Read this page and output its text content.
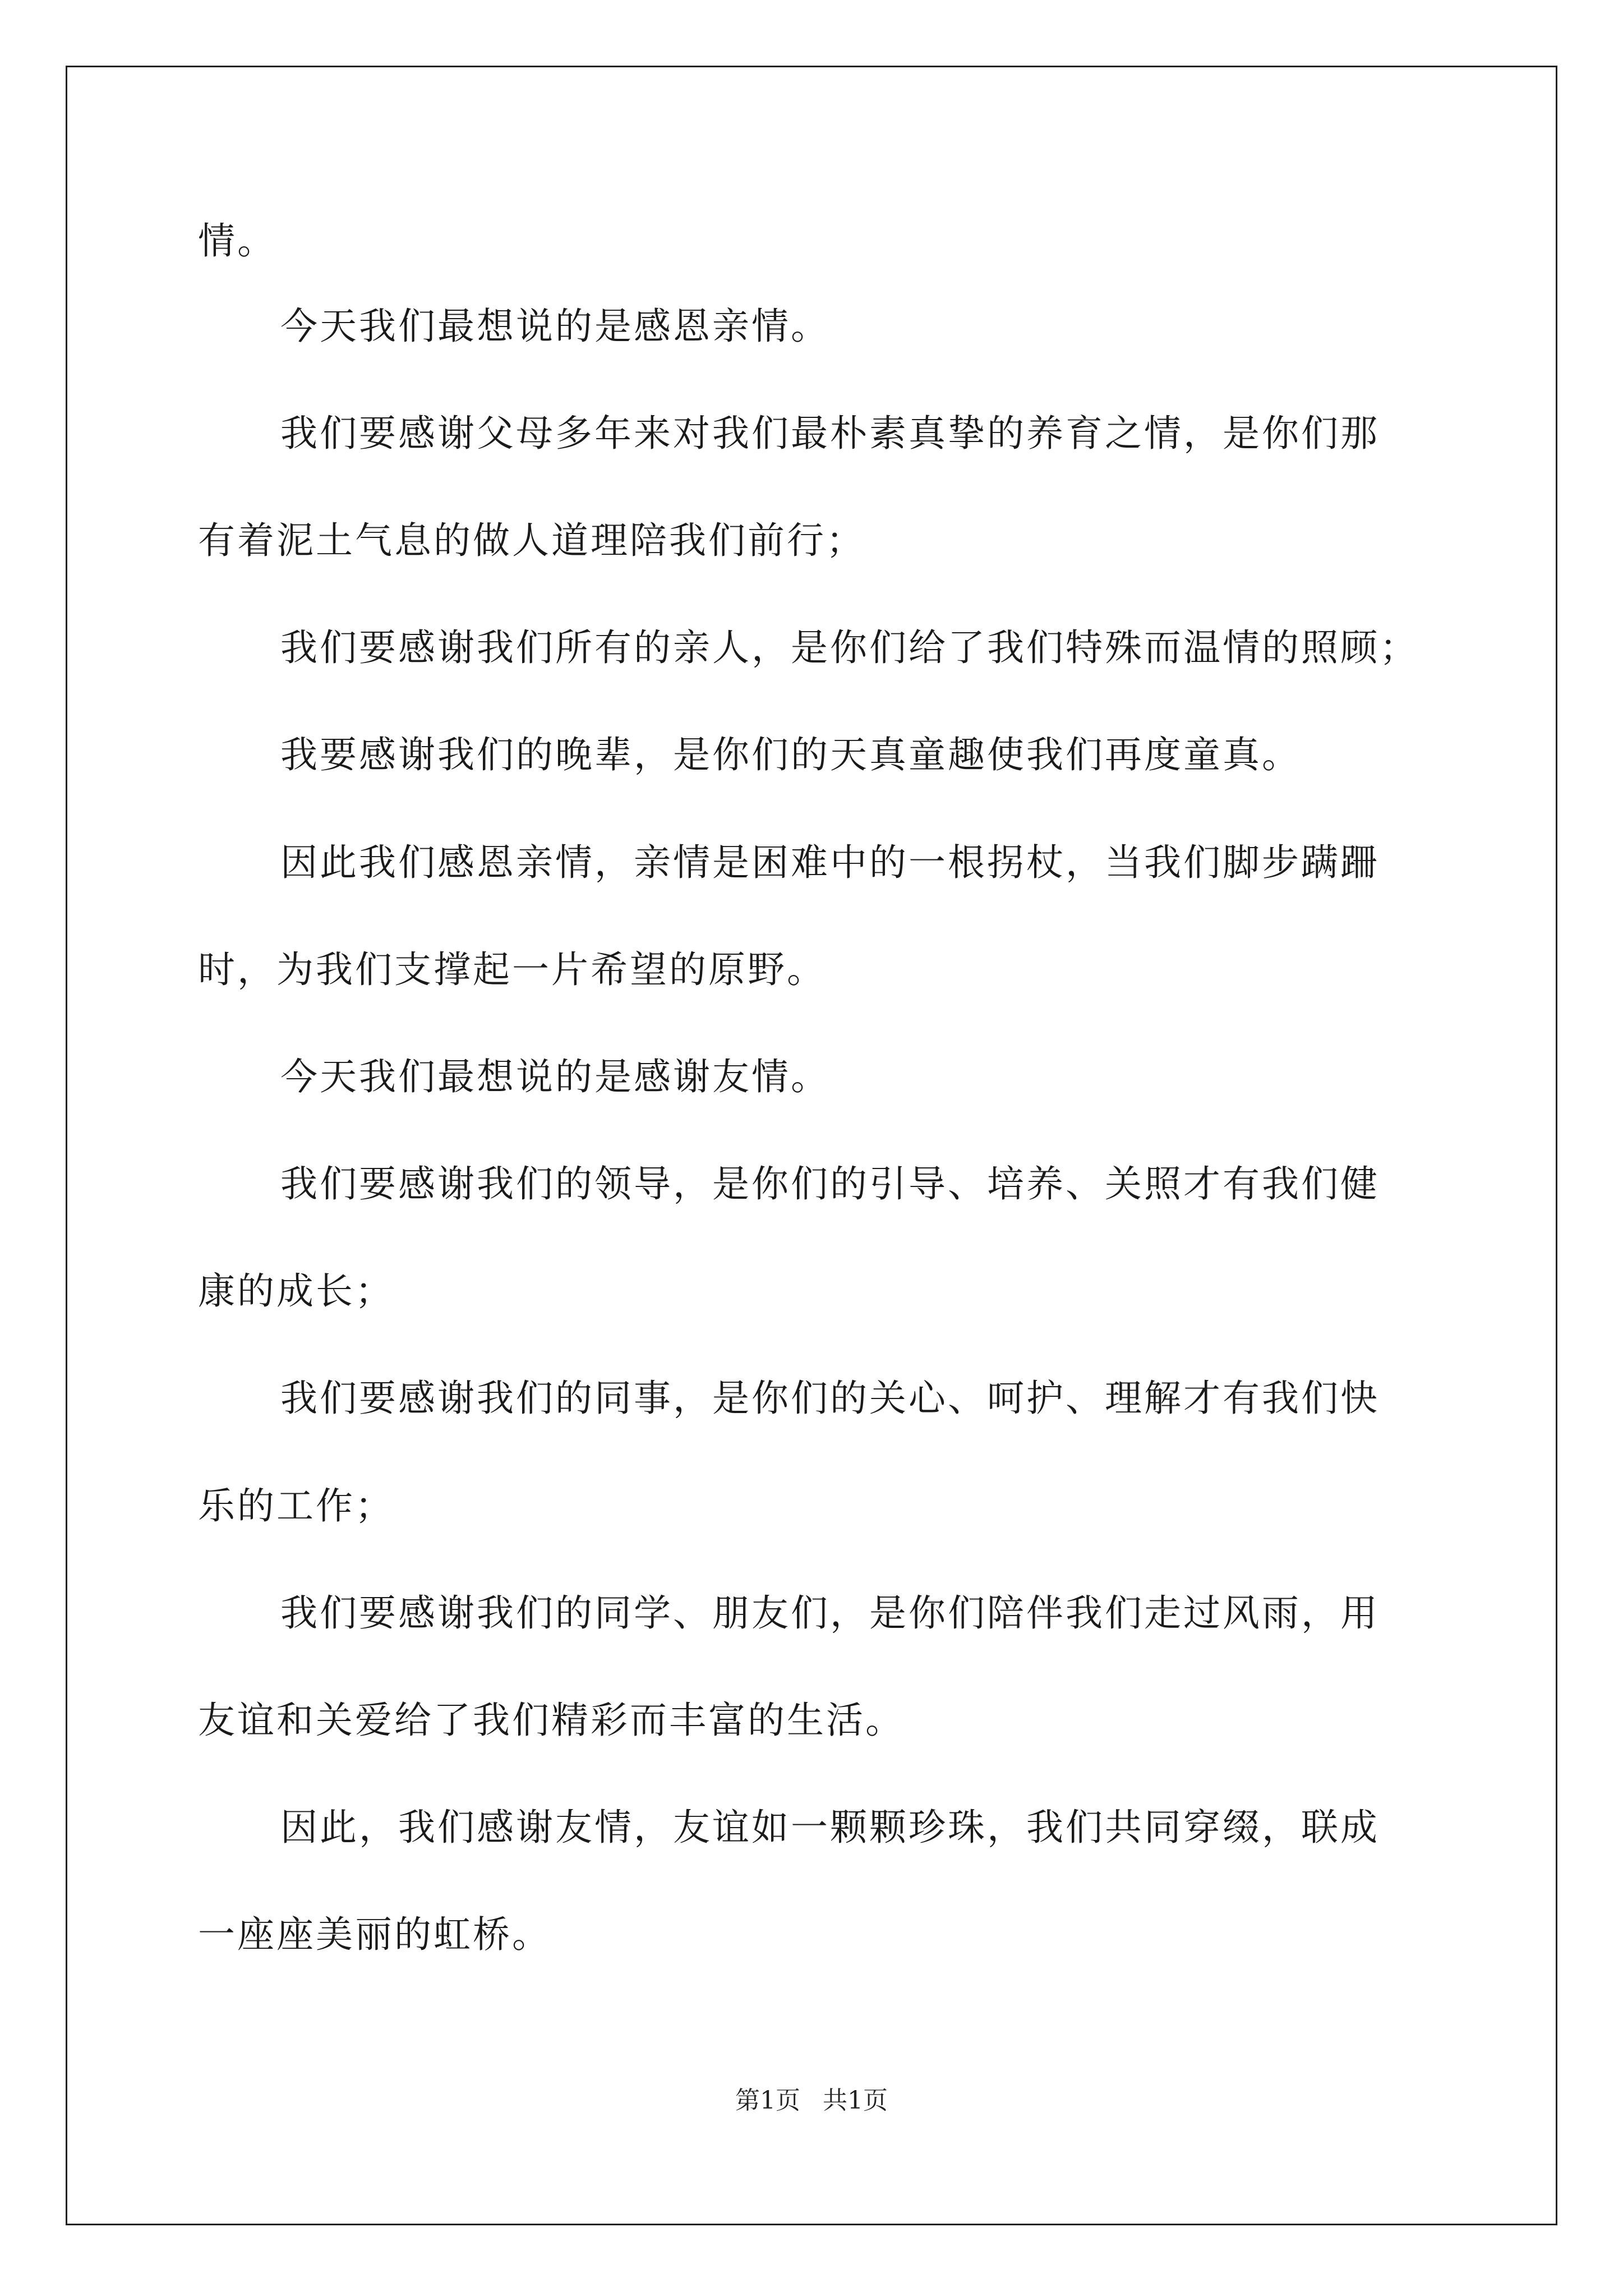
情。
今天我们最想说的是感恩亲情。
我们要感谢父母多年来对我们最朴素真挚的养育之情，是你们那
有着泥土气息的做人道理陪我们前行；
我们要感谢我们所有的亲人，是你们给了我们特殊而温情的照顾；
我要感谢我们的晚辈，是你们的天真童趣使我们再度童真。
因此我们感恩亲情，亲情是困难中的一根拐杖，当我们脚步蹒跚
时，为我们支撑起一片希望的原野。
今天我们最想说的是感谢友情。
我们要感谢我们的领导，是你们的引导、培养、关照才有我们健
康的成长；
我们要感谢我们的同事，是你们的关心、呵护、理解才有我们快
乐的工作；
我们要感谢我们的同学、朋友们，是你们陪伴我们走过风雨，用
友谊和关爱给了我们精彩而丰富的生活。
因此，我们感谢友情，友谊如一颗颗珍珠，我们共同穿缀，联成
一座座美丽的虹桥。
第1页 共1页
